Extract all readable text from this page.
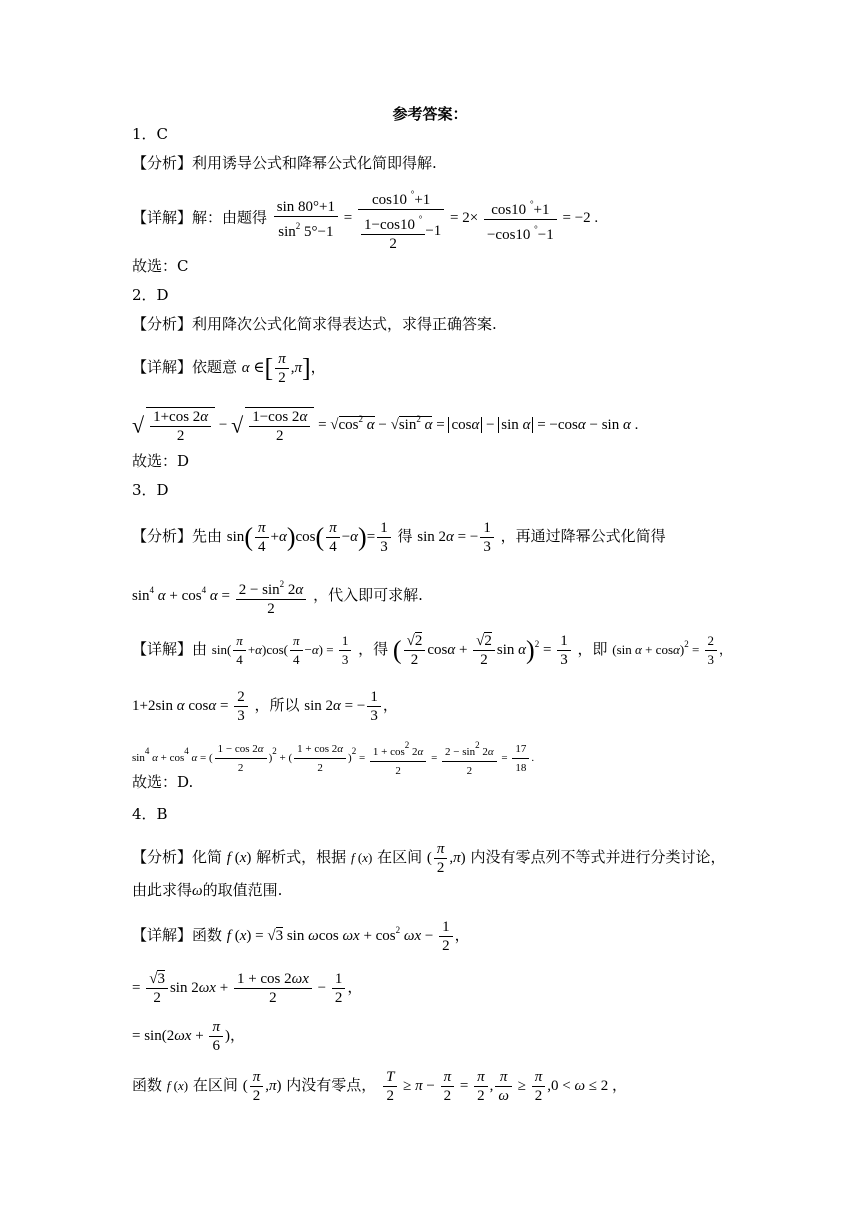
参考答案：
1．C
【分析】利用诱导公式和降幂公式化简即得解.
【详解】解：由题得 $\frac{\sin 80^\circ+1}{\sin^2 5^\circ-1} = \frac{\cos 10 ^\circ+1}{\frac{1-\cos 10 ^\circ}{2} -1} = 2\times \frac{\cos 10 ^\circ+1}{-\cos 10 ^\circ-1} = -2$ .
故选：C
2．D
【分析】利用降次公式化简求得表达式，求得正确答案.
【详解】依题意 α ∈[ $\frac{\pi}{2} ,\pi$]，
√ $\frac{1+\cos 2\alpha}{2}$ − √ $\frac{1-\cos 2\alpha}{2} = √\cos^2$ $\alpha - √\sin^2$ α = cosα − sin α = −cosα − sin α .
故选：D
3．D
【分析】先由 $\sin( \frac{\pi}{4} +\alpha)\cos( \frac{\pi}{4} -\alpha)= \frac{1}{3}$ 得 sin 2α = − $\frac{1}{3}$ ，再通过降幂公式化简得
$\sin^4 \alpha + \cos^4 \alpha = \frac{2 - \sin^2 2\alpha}{2}$ ，代入即可求解.
【详解】由 $\sin( \frac{\pi}{4} +\alpha)\cos( \frac{\pi}{4} -\alpha) = \frac{1}{3}$ ，得 ( $\frac{√2}{2}$ $\cos\alpha + \frac{√2}{2}$ $\sin \alpha)^2 = \frac{1}{3}$ ，即 (sin $\alpha + \cos\alpha)^2 = \frac{2}{3}$ ，
1+2sin α $\cos\alpha = \frac{2}{3}$ ，所以 sin 2α = − $\frac{1}{3}$ ，
$\sin^4 \alpha + \cos^4 \alpha$ = ( $\frac{1 - \cos 2\alpha}{2} )^2$ + ( $\frac{1 + \cos 2\alpha}{2} )^2 = \frac{1 + \cos^2 2\alpha}{2} = \frac{2 - \sin^2 2\alpha}{2} = \frac{17}{18}$ .
故选：D.
4．B
【分析】化简 f (x) 解析式，根据 f (x) 在区间 ( $\frac{\pi}{2} ,\pi$) 内没有零点列不等式并进行分类讨论，
由此求得ω的取值范围.
【详解】函数 f (x) = √3 sin ωcos $\omega x + \cos^2 \omega x - \frac{1}{2}$ ，
= $\frac{√3}{2}$ $\sin 2\omega x + \frac{1 + \cos 2\omega x}{2} - \frac{1}{2}$ ，
= $\sin(2\omega x + \frac{\pi}{6}$ )，
函数 f (x) 在区间 ( $\frac{\pi}{2} ,\pi$) 内没有零点， $\frac{T}{2} \ge \pi - \frac{\pi}{2} = \frac{\pi}{2}$ , $\frac{\pi}{\omega} \ge \frac{\pi}{2} ,0 < \omega \le 2$ ，
